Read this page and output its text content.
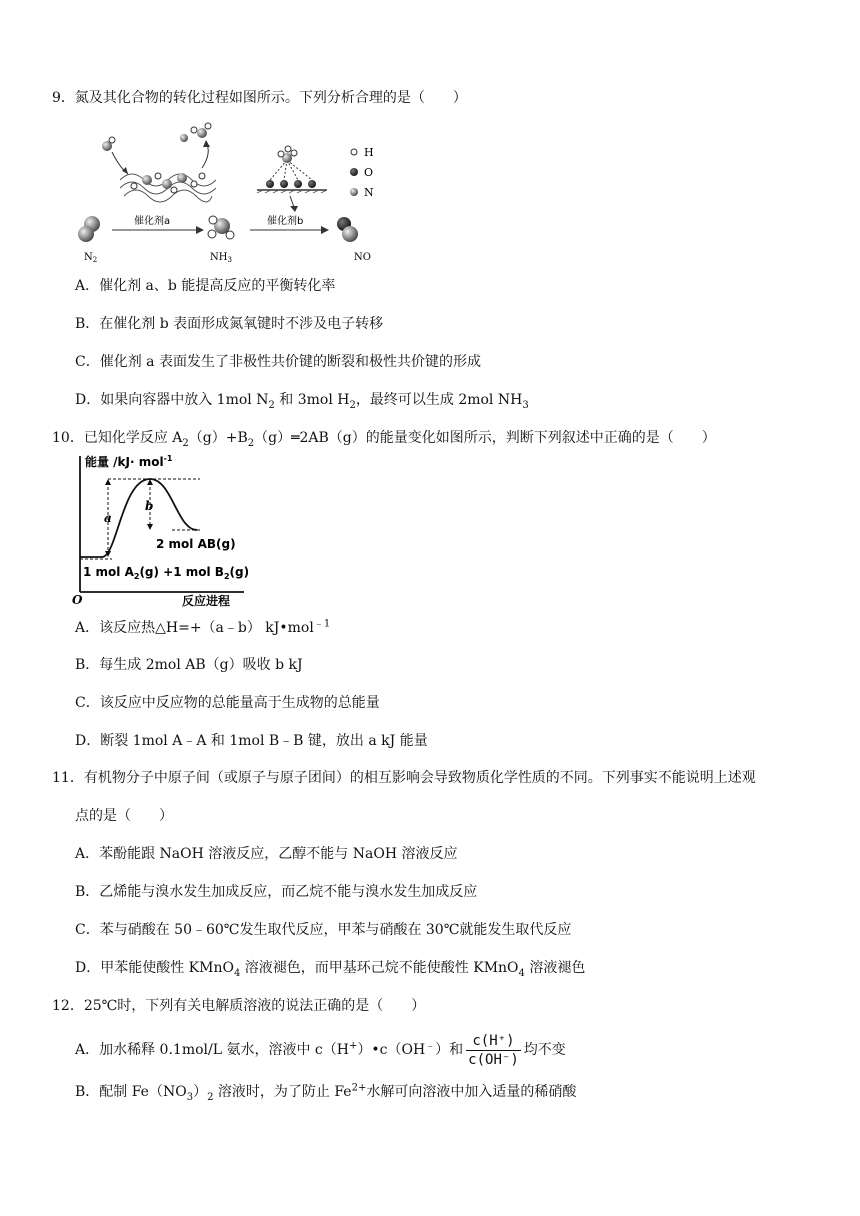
9．氮及其化合物的转化过程如图所示。下列分析合理的是（　　）
H
O
N
催化剂a	催化剂b
$N_2$	$NH_3$	NO
A．催化剂 a、b 能提高反应的平衡转化率
B．在催化剂 b 表面形成氮氧键时不涉及电子转移
C．催化剂 a 表面发生了非极性共价键的断裂和极性共价键的形成
D．如果向容器中放入 1mol $N_2$ 和 3mol $H_2$，最终可以生成 2mol $NH_3$
10．已知化学反应 $A_2(g)+B_2(g)═2AB(g)$的能量变化如图所示，判断下列叙述中正确的是（　　）
能量 /kJ· mol$^{-1}$
O	反应进程
a
b
2 mol AB(g)
1 mol $A_2(g) +1$ mol $B_2(g)$
A．该反应热△H=+（a﹣b） kJ•mol$^{﹣1}$
B．每生成 2mol AB（g）吸收 b kJ
C．该反应中反应物的总能量高于生成物的总能量
D．断裂 1mol A﹣A 和 1mol B﹣B 键，放出 a kJ 能量
11．有机物分子中原子间（或原子与原子团间）的相互影响会导致物质化学性质的不同。下列事实不能说明上述观
点的是（　　）
A．苯酚能跟 NaOH 溶液反应，乙醇不能与 NaOH 溶液反应
B．乙烯能与溴水发生加成反应，而乙烷不能与溴水发生加成反应
C．苯与硝酸在 50﹣60℃发生取代反应，甲苯与硝酸在 30℃就能发生取代反应
D．甲苯能使酸性 KMnO$_4$ 溶液褪色，而甲基环己烷不能使酸性 KMnO$_4$ 溶液褪色
12．25℃时，下列有关电解质溶液的说法正确的是（　　）
A．加水稀释 0.1mol/L 氨水，溶液中 c（H+）•c（OH﹣）和 $\frac{c(H^+)}{c(OH^-)}$ 均不变
B．配制 $Fe(NO_3)_2$ 溶液时，为了防止 $Fe^{2+}$水解可向溶液中加入适量的稀硝酸
